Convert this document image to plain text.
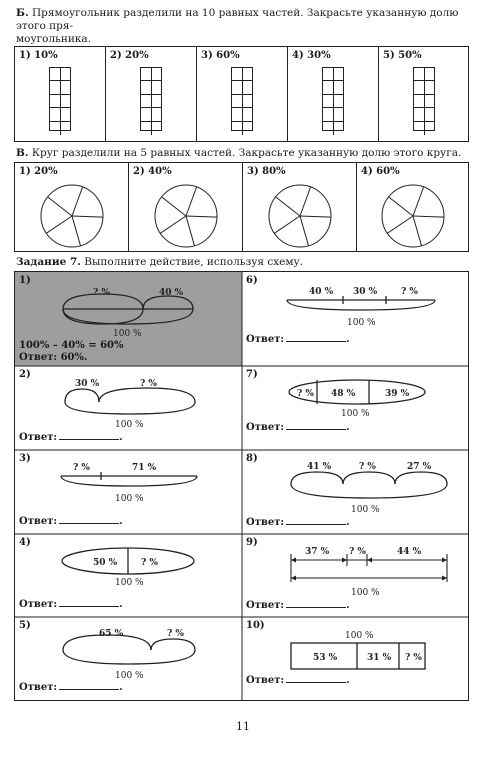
Б. Прямоугольник разделили на 10 равных частей. Закрасьте указанную долю этого пря-
моугольника.
1) 10%	2) 20%	3) 60%	4) 30%	5) 50%
В. Круг разделили на 5 равных частей. Закрасьте указанную долю этого круга.
1) 20%	2) 40%	3) 80%	4) 60%
Задание 7. Выполните действие, используя схему.
? %	40 %
100 %
30 %	? %
100 %
? %	71 %
100 %
50 %	? %
100 %
65 %	? %
100 %
40 % 30 %	? %
100 %
? % 48 %	39 %
100 %
41 %	? %	27 %
100 %
37 % ? %	44 %
100 %
100 %
53 %	31 % ? %
1)
100% – 40% = 60%
Ответ: 60%.
2)
3)
4)
5)
6)
7)
8)
9)
10)
Ответ:	.
Ответ:	.
Ответ:	.
Ответ:	.
Ответ:	.
Ответ:	.
Ответ:	.
Ответ:	.
Ответ:	.
11
